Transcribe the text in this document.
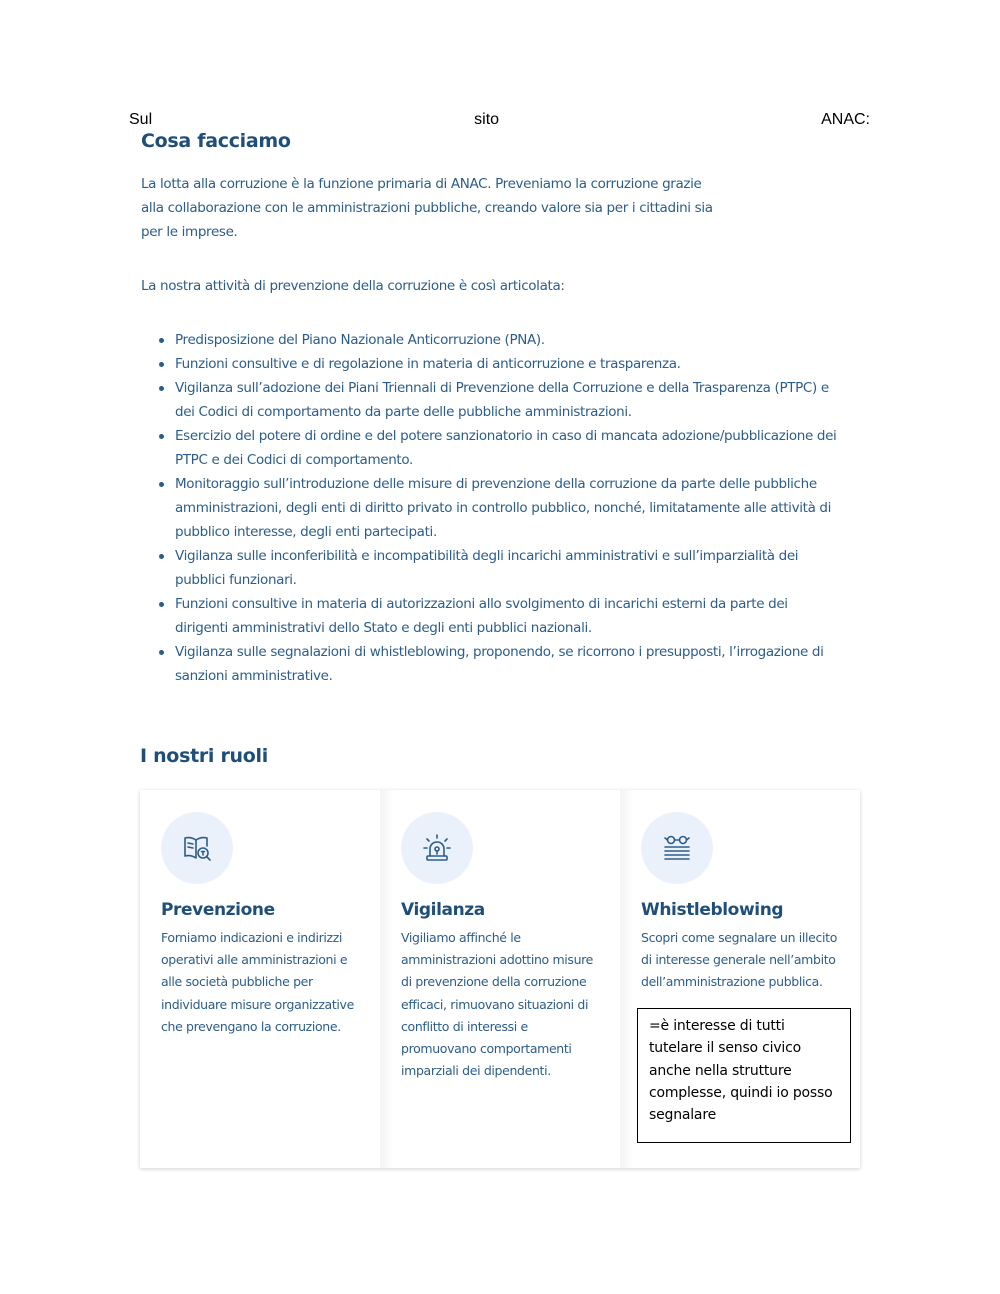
Sul	sito	ANAC:
Cosa facciamo
La lotta alla corruzione è la funzione primaria di ANAC. Preveniamo la corruzione grazie alla collaborazione con le amministrazioni pubbliche, creando valore sia per i cittadini sia per le imprese.
La nostra attività di prevenzione della corruzione è così articolata:
Predisposizione del Piano Nazionale Anticorruzione (PNA).
Funzioni consultive e di regolazione in materia di anticorruzione e trasparenza.
Vigilanza sull’adozione dei Piani Triennali di Prevenzione della Corruzione e della Trasparenza (PTPC) e dei Codici di comportamento da parte delle pubbliche amministrazioni.
Esercizio del potere di ordine e del potere sanzionatorio in caso di mancata adozione/pubblicazione dei PTPC e dei Codici di comportamento.
Monitoraggio sull’introduzione delle misure di prevenzione della corruzione da parte delle pubbliche amministrazioni, degli enti di diritto privato in controllo pubblico, nonché, limitatamente alle attività di pubblico interesse, degli enti partecipati.
Vigilanza sulle inconferibilità e incompatibilità degli incarichi amministrativi e sull’imparzialità dei pubblici funzionari.
Funzioni consultive in materia di autorizzazioni allo svolgimento di incarichi esterni da parte dei dirigenti amministrativi dello Stato e degli enti pubblici nazionali.
Vigilanza sulle segnalazioni di whistleblowing, proponendo, se ricorrono i presupposti, l’irrogazione di sanzioni amministrative.
I nostri ruoli
Prevenzione
Forniamo indicazioni e indirizzi operativi alle amministrazioni e alle società pubbliche per individuare misure organizzative che prevengano la corruzione.
Vigilanza
Vigiliamo affinché le amministrazioni adottino misure di prevenzione della corruzione efficaci, rimuovano situazioni di conflitto di interessi e promuovano comportamenti imparziali dei dipendenti.
Whistleblowing
Scopri come segnalare un illecito di interesse generale nell’ambito dell’amministrazione pubblica.
=è interesse di tutti tutelare il senso civico anche nella strutture complesse, quindi io posso segnalare
